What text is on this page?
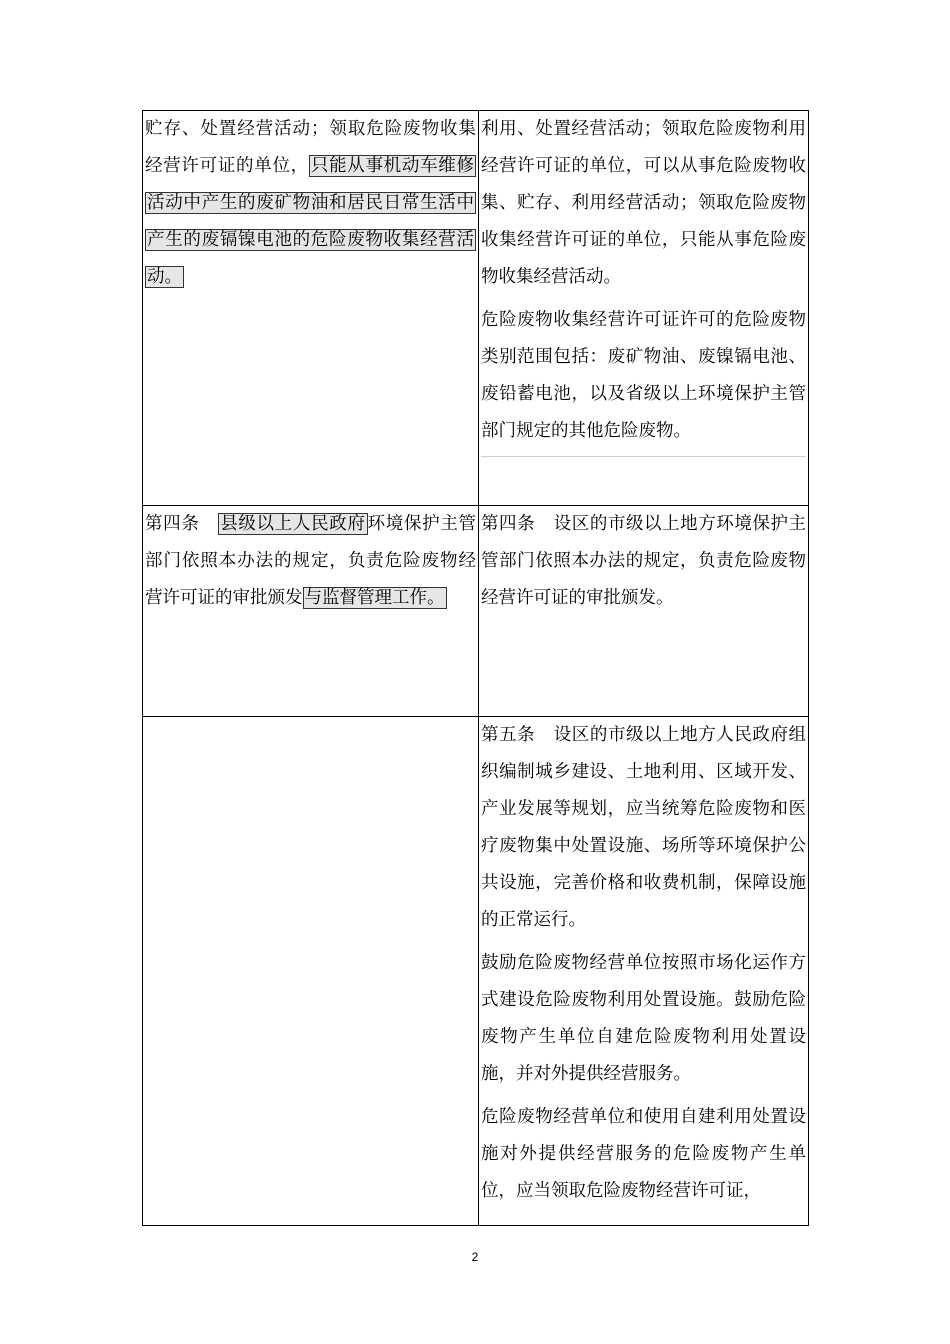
贮存、处置经营活动；领取危险废物收集经营许可证的单位， 只能从事机动车维修活动中产生的废矿物油和居民日常生活中产生的废镉镍电池的危险废物收集经营活动。	利用、处置经营活动；领取危险废物利用经营许可证的单位，可以从事危险废物收集、贮存、利用经营活动；领取危险废物收集经营许可证的单位，只能从事危险废物收集经营活动。
危险废物收集经营许可证许可的危险废物类别范围包括：废矿物油、废镍镉电池、废铅蓄电池，以及省级以上环境保护主管部门规定的其他危险废物。

第四条 县级以上人民政府 环境保护主管部门依照本办法的规定，负责危险废物经营许可证的审批颁发 与监督管理工作。	第四条 设区的市级以上地方环境保护主管部门依照本办法的规定，负责危险废物经营许可证的审批颁发。

	第五条 设区的市级以上地方人民政府组织编制城乡建设、土地利用、区域开发、产业发展等规划，应当统筹危险废物和医疗废物集中处置设施、场所等环境保护公共设施，完善价格和收费机制，保障设施的正常运行。
鼓励危险废物经营单位按照市场化运作方式建设危险废物利用处置设施。鼓励危险废物产生单位自建危险废物利用处置设施，并对外提供经营服务。
危险废物经营单位和使用自建利用处置设施对外提供经营服务的危险废物产生单位，应当领取危险废物经营许可证，
2
